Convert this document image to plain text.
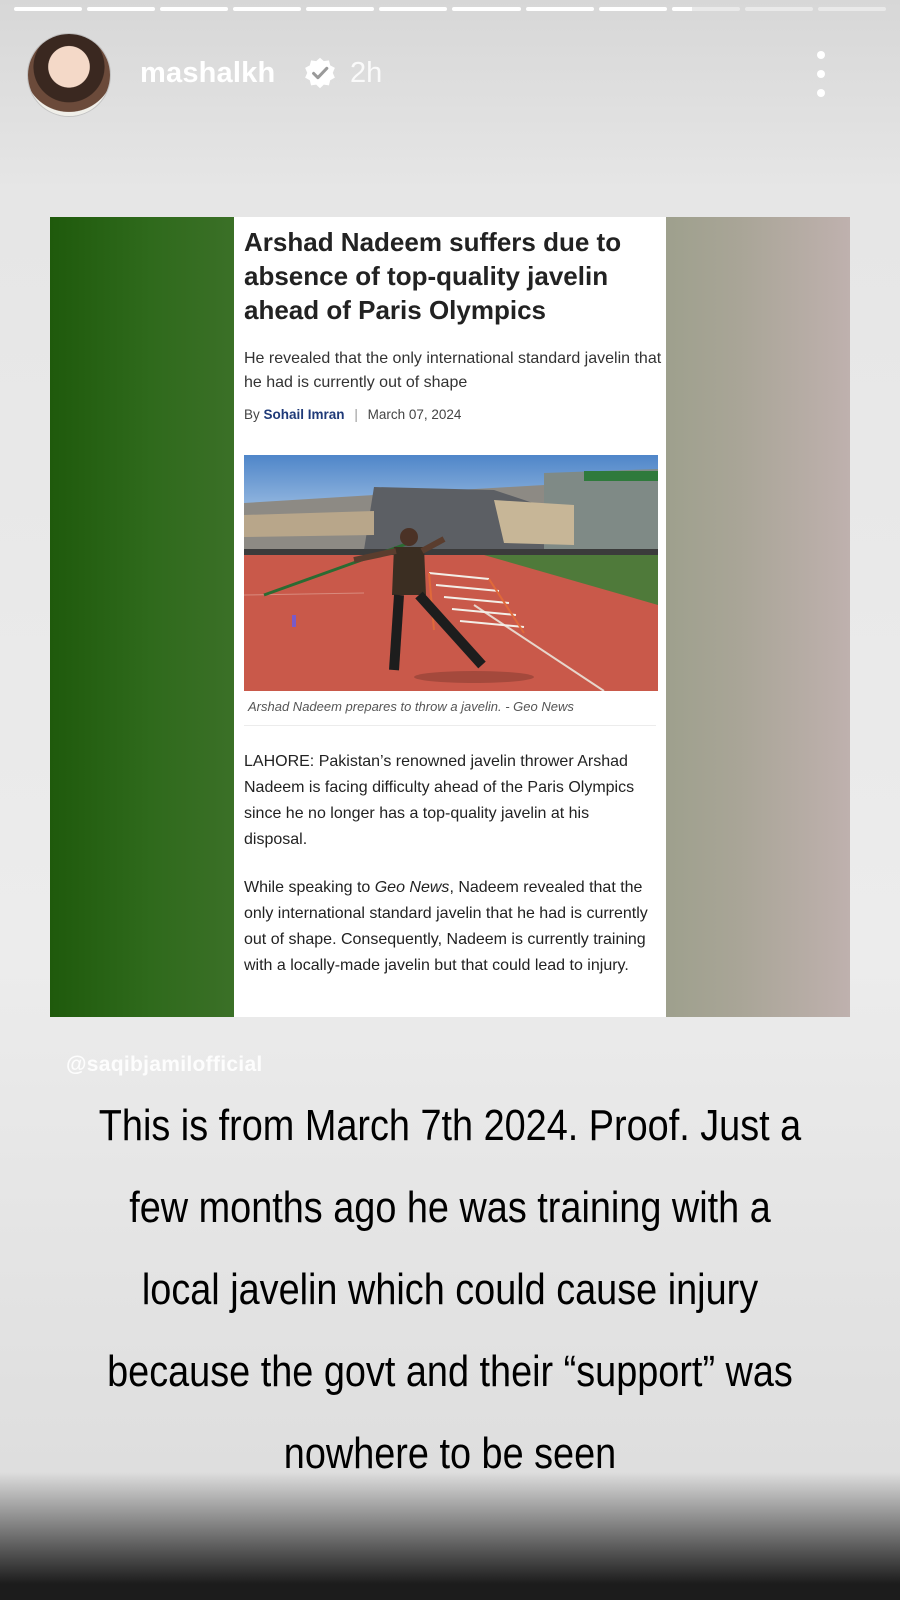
mashalkh	2h
Arshad Nadeem suffers due to absence of top-quality javelin ahead of Paris Olympics
He revealed that the only international standard javelin that he had is currently out of shape
By Sohail Imran | March 07, 2024
Arshad Nadeem prepares to throw a javelin. - Geo News
LAHORE: Pakistan’s renowned javelin thrower Arshad Nadeem is facing difficulty ahead of the Paris Olympics since he no longer has a top-quality javelin at his disposal.
While speaking to Geo News, Nadeem revealed that the only international standard javelin that he had is currently out of shape. Consequently, Nadeem is currently training with a locally-made javelin but that could lead to injury.
@saqibjamilofficial
This is from March 7th 2024. Proof. Just a few months ago he was training with a local javelin which could cause injury because the govt and their “support” was nowhere to be seen
